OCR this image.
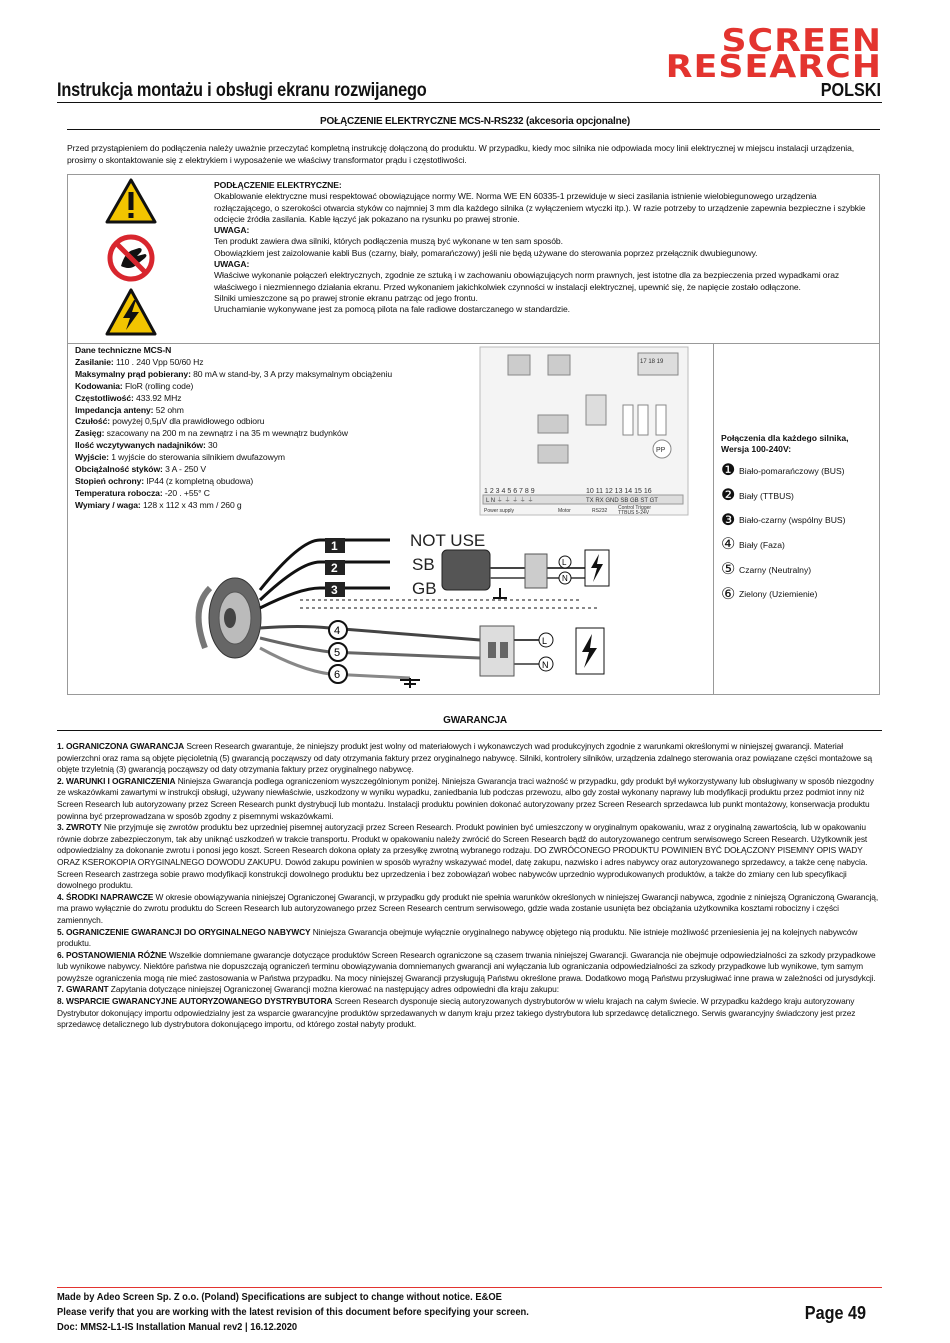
SCREEN
RESEARCH
Instrukcja montażu i obsługi ekranu rozwijanego	POLSKI
POŁĄCZENIE ELEKTRYCZNE MCS-N-RS232 (akcesoria opcjonalne)
Przed przystąpieniem do podłączenia należy uważnie przeczytać kompletną instrukcję dołączoną do produktu. W przypadku, kiedy moc silnika nie odpowiada mocy linii elektrycznej w miejscu instalacji urządzenia, prosimy o skontaktowanie się z elektrykiem i wyposażenie we właściwy transformator prądu i częstotliwości.
PODŁĄCZENIE ELEKTRYCZNE:
Okablowanie elektryczne musi respektować obowiązujące normy WE. Norma WE EN 60335-1 przewiduje w sieci zasilania istnienie wielobiegunowego urządzenia rozłączającego, o szerokości otwarcia styków co najmniej 3 mm dla każdego silnika (z wyłączeniem wtyczki itp.). W razie potrzeby to urządzenie zapewnia bezpieczne i szybkie odcięcie źródła zasilania. Kable łączyć jak pokazano na rysunku po prawej stronie.
UWAGA:
Ten produkt zawiera dwa silniki, których podłączenia muszą być wykonane w ten sam sposób.
Obowiązkiem jest zaizolowanie kabli Bus (czarny, biały, pomarańczowy) jeśli nie będą używane do sterowania poprzez przełącznik dwubiegunowy.
UWAGA:
Właściwe wykonanie połączeń elektrycznych, zgodnie ze sztuką i w zachowaniu obowiązujących norm prawnych, jest istotne dla za bezpieczenia przed wypadkami oraz właściwego i niezmiennego działania ekranu. Przed wykonaniem jakichkolwiek czynności w instalacji elektrycznej, upewnić się, że napięcie zostało odłączone.
Silniki umieszczone są po prawej stronie ekranu patrząc od jego frontu.
Uruchamianie wykonywane jest za pomocą pilota na fale radiowe dostarczanego w standardzie.
Dane techniczne MCS-N
Zasilanie: 110 . 240 Vpp 50/60 Hz
Maksymalny prąd pobierany: 80 mA w stand-by, 3 A przy maksymalnym obciążeniu
Kodowania: FloR (rolling code)
Częstotliwość: 433.92 MHz
Impedancja anteny: 52 ohm
Czułość: powyżej 0,5μV dla prawidłowego odbioru
Zasięg: szacowany na 200 m na zewnątrz i na 35 m wewnątrz budynków
Ilość wczytywanych nadajników: 30
Wyjście: 1 wyjście do sterowania silnikiem dwufazowym
Obciążalność styków: 3 A - 250 V
Stopień ochrony: IP44 (z kompletną obudowa)
Temperatura robocza: -20 . +55° C
Wymiary / waga: 128 x 112 x 43 mm / 260 g
17 18 19
PP
1 2 3 4 5 6 7 8 9	10 11 12 13 14 15 16
L N ⏚ ⏚ ⏚ ⏚ ⏚	TX RX GND SB GB ST GT
Power supply	Motor	RS232 Control Trigger
TTBUS 5-24V
1
2
3
NOT USE
SB
GB
L
N
4
5
6
L
N
Połączenia dla każdego silnika,
Wersja 100-240V:
❶ Biało-pomarańczowy (BUS)
❷ Biały (TTBUS)
❸ Biało-czarny (wspólny BUS)
④ Biały (Faza)
⑤ Czarny (Neutralny)
⑥ Zielony (Uziemienie)
GWARANCJA
1. OGRANICZONA GWARANCJA Screen Research gwarantuje, że niniejszy produkt jest wolny od materiałowych i wykonawczych wad produkcyjnych zgodnie z warunkami określonymi w niniejszej gwarancji. Materiał powierzchni oraz rama są objęte pięcioletnią (5) gwarancją począwszy od daty otrzymania faktury przez oryginalnego nabywcę. Silniki, kontrolery silników, urządzenia zdalnego sterowania oraz powiązane części montażowe są objęte trzyletnią (3) gwarancją począwszy od daty otrzymania faktury przez oryginalnego nabywcę.
2. WARUNKI I OGRANICZENIA Niniejsza Gwarancja podlega ograniczeniom wyszczególnionym poniżej. Niniejsza Gwarancja traci ważność w przypadku, gdy produkt był wykorzystywany lub obsługiwany w sposób niezgodny ze wskazówkami zawartymi w instrukcji obsługi, używany niewłaściwie, uszkodzony w wyniku wypadku, zaniedbania lub podczas przewozu, albo gdy został wykonany naprawy lub modyfikacji produktu przez podmiot inny niż Screen Research lub autoryzowany przez Screen Research punkt dystrybucji lub montażu. Instalacji produktu powinien dokonać autoryzowany przez Screen Research sprzedawca lub punkt montażowy, konserwacja produktu powinna być przeprowadzana w sposób zgodny z pisemnymi wskazówkami.
3. ZWROTY Nie przyjmuje się zwrotów produktu bez uprzedniej pisemnej autoryzacji przez Screen Research. Produkt powinien być umieszczony w oryginalnym opakowaniu, wraz z oryginalną zawartością, lub w opakowaniu równie dobrze zabezpieczonym, tak aby uniknąć uszkodzeń w trakcie transportu. Produkt w opakowaniu należy zwrócić do Screen Research bądź do autoryzowanego centrum serwisowego Screen Research. Użytkownik jest odpowiedzialny za dokonanie zwrotu i ponosi jego koszt. Screen Research dokona opłaty za przesyłkę zwrotną wybranego rodzaju. DO ZWRÓCONEGO PRODUKTU POWINIEN BYĆ DOŁĄCZONY PISEMNY OPIS WADY ORAZ KSEROKOPIA ORYGINALNEGO DOWODU ZAKUPU. Dowód zakupu powinien w sposób wyraźny wskazywać model, datę zakupu, nazwisko i adres nabywcy oraz autoryzowanego sprzedawcy, a także cenę nabycia. Screen Research zastrzega sobie prawo modyfikacji konstrukcji dowolnego produktu bez uprzedzenia i bez zobowiązań wobec nabywców uprzednio wyprodukowanych produktów, a także do zmiany cen lub specyfikacji dowolnego produktu.
4. ŚRODKI NAPRAWCZE W okresie obowiązywania niniejszej Ograniczonej Gwarancji, w przypadku gdy produkt nie spełnia warunków określonych w niniejszej Gwarancji nabywca, zgodnie z niniejszą Ograniczoną Gwarancją, ma prawo wyłącznie do zwrotu produktu do Screen Research lub autoryzowanego przez Screen Research centrum serwisowego, gdzie wada zostanie usunięta bez obciążania użytkownika kosztami robocizny i części zamiennych.
5. OGRANICZENIE GWARANCJI DO ORYGINALNEGO NABYWCY Niniejsza Gwarancja obejmuje wyłącznie oryginalnego nabywcę objętego nią produktu. Nie istnieje możliwość przeniesienia jej na kolejnych nabywców produktu.
6. POSTANOWIENIA RÓŻNE Wszelkie domniemane gwarancje dotyczące produktów Screen Research ograniczone są czasem trwania niniejszej Gwarancji. Gwarancja nie obejmuje odpowiedzialności za szkody przypadkowe lub wynikowe nabywcy. Niektóre państwa nie dopuszczają ograniczeń terminu obowiązywania domniemanych gwarancji ani wyłączania lub ograniczania odpowiedzialności za szkody przypadkowe lub wynikowe, tym samym powyższe ograniczenia mogą nie mieć zastosowania w Państwa przypadku. Na mocy niniejszej Gwarancji przysługują Państwu określone prawa. Dodatkowo mogą Państwu przysługiwać inne prawa w zależności od jurysdykcji.
7. GWARANT Zapytania dotyczące niniejszej Ograniczonej Gwarancji można kierować na następujący adres odpowiedni dla kraju zakupu:
8. WSPARCIE GWARANCYJNE AUTORYZOWANEGO DYSTRYBUTORA Screen Research dysponuje siecią autoryzowanych dystrybutorów w wielu krajach na całym świecie. W przypadku każdego kraju autoryzowany Dystrybutor dokonujący importu odpowiedzialny jest za wsparcie gwarancyjne produktów sprzedawanych w danym kraju przez takiego dystrybutora lub sprzedawcę detalicznego. Serwis gwarancyjny świadczony jest przez sprzedawcę detalicznego lub dystrybutora dokonującego importu, od którego został nabyty produkt.
Made by Adeo Screen Sp. Z o.o. (Poland) Specifications are subject to change without notice. E&OE
Please verify that you are working with the latest revision of this document before specifying your screen.
Doc: MMS2-L1-IS Installation Manual rev2 | 16.12.2020
Page 49
